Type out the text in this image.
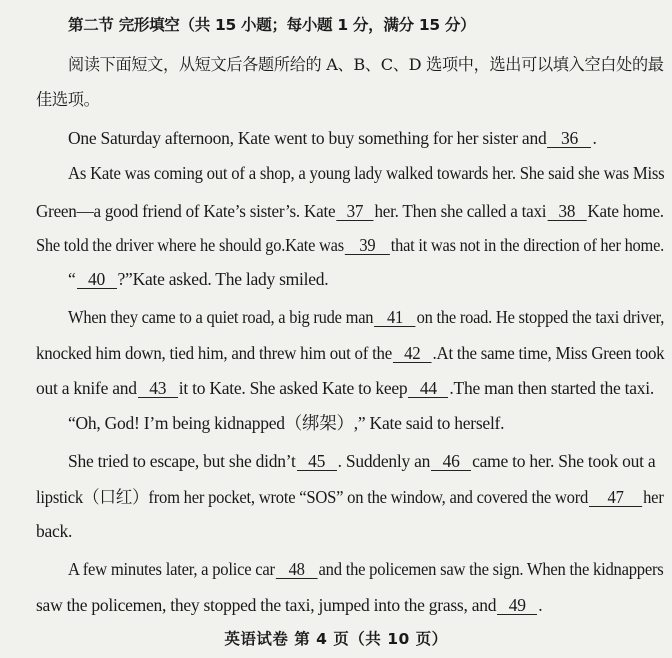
第二节 完形填空（共 15 小题；每小题 1 分，满分 15 分）
阅读下面短文，从短文后各题所给的 A、B、C、D 选项中，选出可以填入空白处的最
佳选项。
One Saturday afternoon, Kate went to buy something for her sister and 36 .
As Kate was coming out of a shop, a young lady walked towards her. She said she was Miss
Green—a good friend of Kate’s sister’s. Kate 37 her. Then she called a taxi 38 Kate home.
She told the driver where he should go.Kate was 39 that it was not in the direction of her home.
“ 40 ?”Kate asked. The lady smiled.
When they came to a quiet road, a big rude man 41 on the road. He stopped the taxi driver,
knocked him down, tied him, and threw him out of the 42 .At the same time, Miss Green took
out a knife and 43 it to Kate. She asked Kate to keep 44 .The man then started the taxi.
“Oh, God! I’m being kidnapped（绑架）,” Kate said to herself.
She tried to escape, but she didn’t 45 . Suddenly an 46 came to her. She took out a
lipstick（口红）from her pocket, wrote “SOS” on the window, and covered the word 47 her
back.
A few minutes later, a police car 48 and the policemen saw the sign. When the kidnappers
saw the policemen, they stopped the taxi, jumped into the grass, and 49 .
英语试卷 第 4 页（共 10 页）
